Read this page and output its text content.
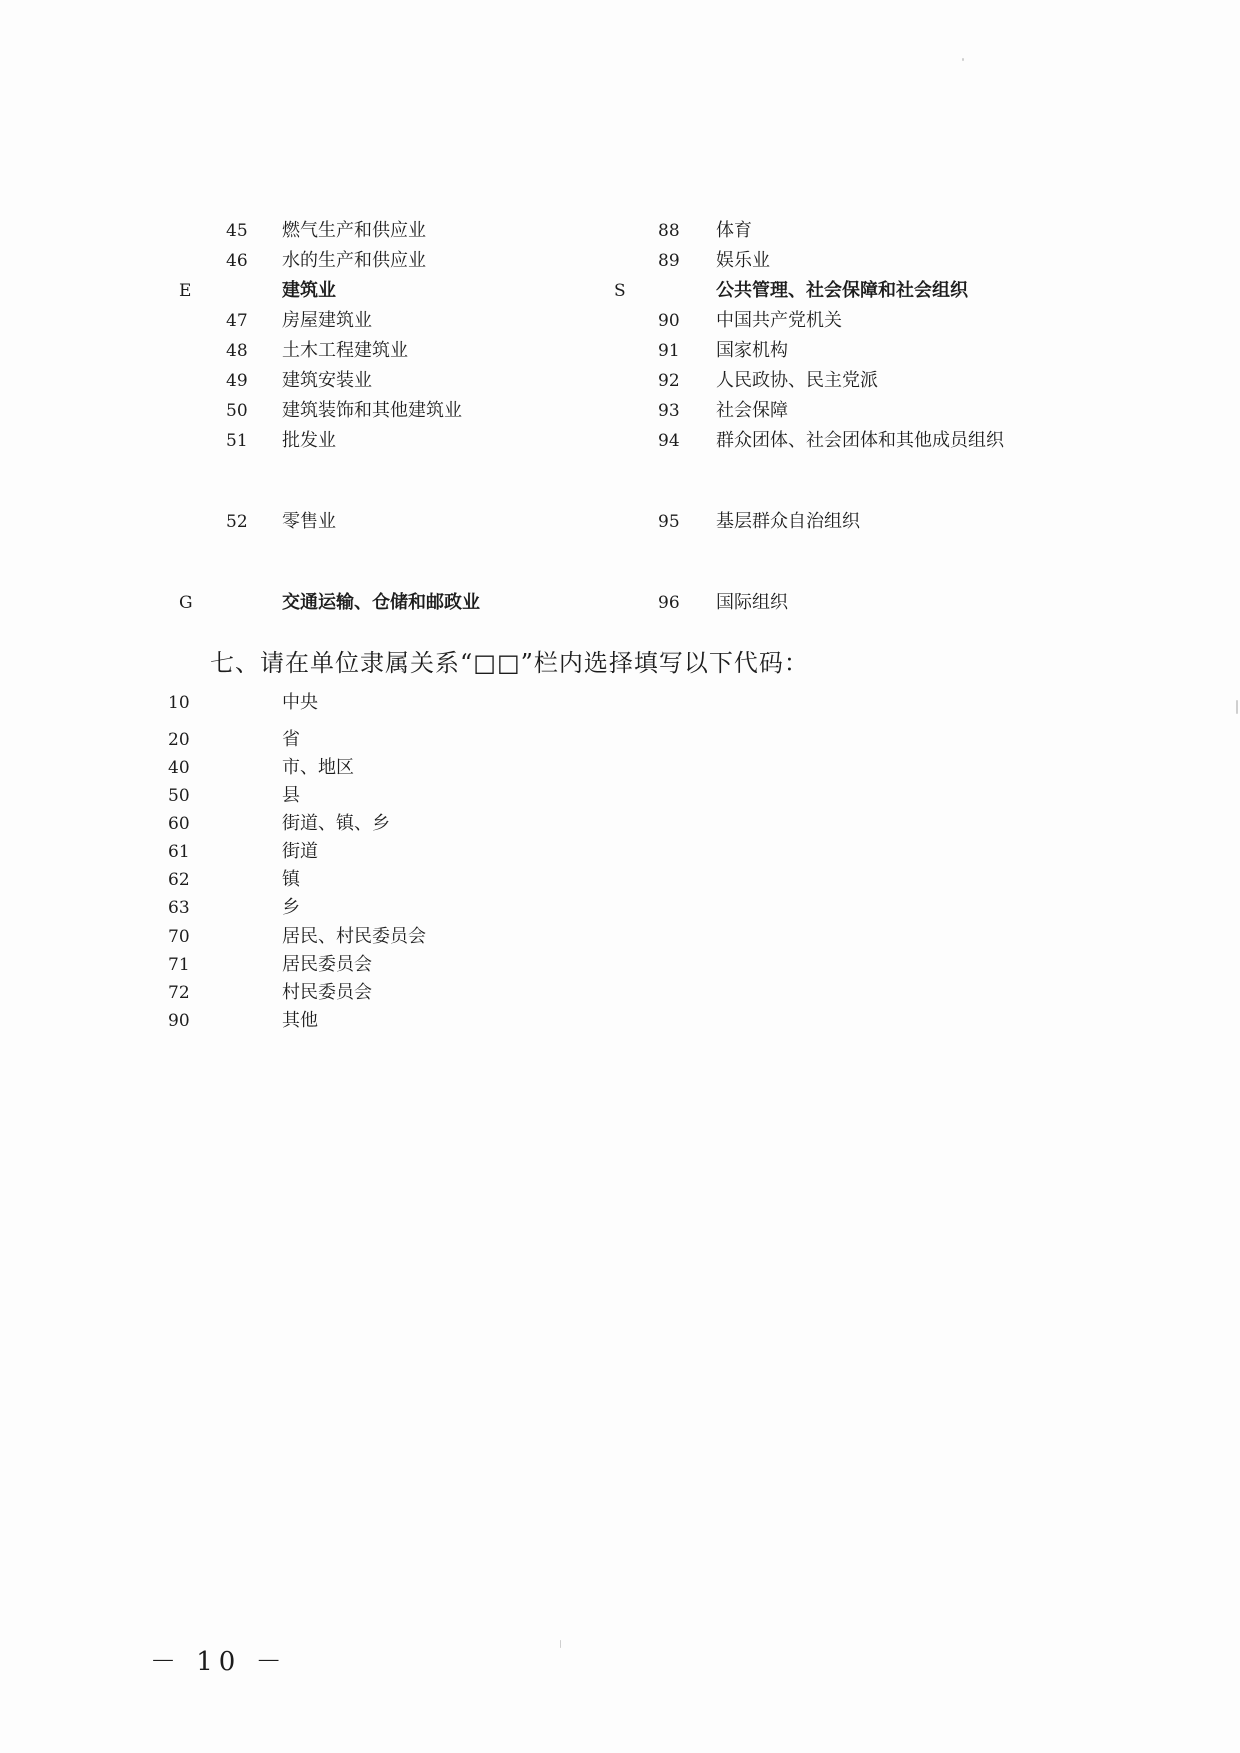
45 燃气生产和供应业
46 水的生产和供应业
E	建筑业
47 房屋建筑业
48 土木工程建筑业
49 建筑安装业
50 建筑装饰和其他建筑业
51 批发业
52 零售业
G	交通运输、仓储和邮政业
88 体育
89 娱乐业
S	公共管理、社会保障和社会组织
90 中国共产党机关
91 国家机构
92 人民政协、民主党派
93 社会保障
94 群众团体、社会团体和其他成员组织
95 基层群众自治组织
96 国际组织
七、请在单位隶属关系“□□”栏内选择填写以下代码：
10	中央
20	省
40	市、地区
50	县
60	街道、镇、乡
61	街道
62	镇
63	乡
70	居民、村民委员会
71	居民委员会
72	村民委员会
90	其他
－ 10 －
